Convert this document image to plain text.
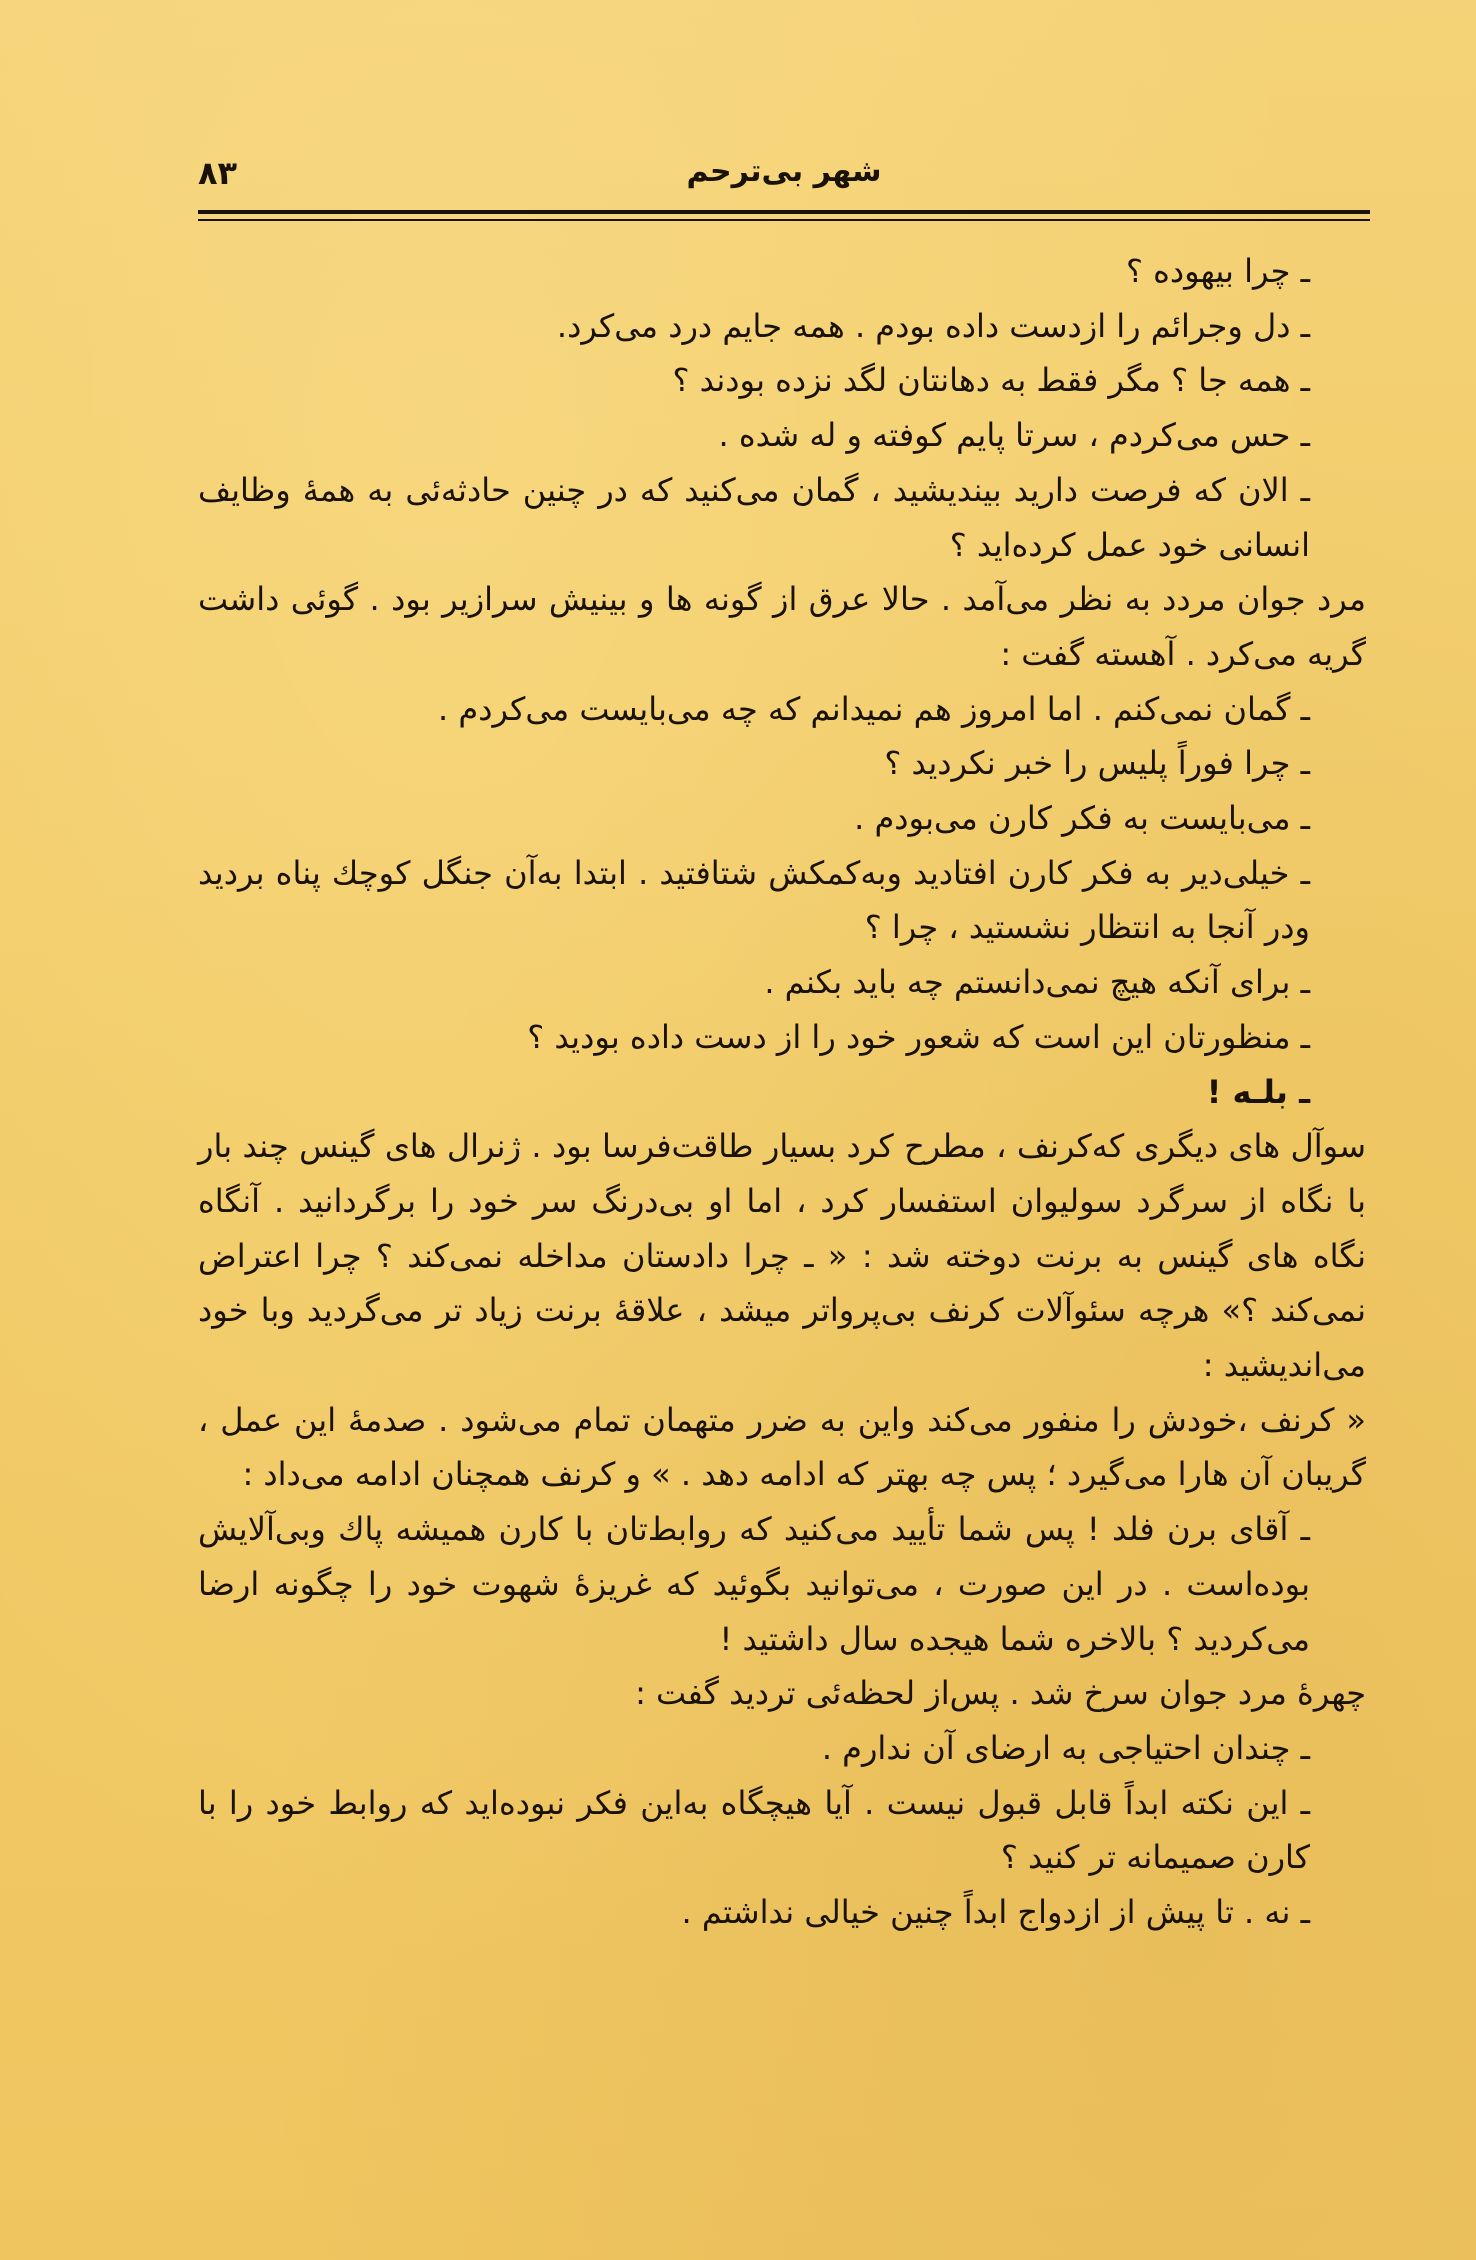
۸۳	شهر بی‌ترحم

ـ چرا بیهوده ؟

ـ دل وجرائم را ازدست داده بودم . همه جایم درد می‌کرد.

ـ همه جا ؟ مگر فقط به دهانتان لگد نزده بودند ؟

ـ حس می‌کردم ، سرتا پایم کوفته و له شده .

ـ الان که فرصت دارید بیندیشید ، گمان می‌کنید که در چنین حادثه‌ئی به همهٔ وظایف انسانی خود عمل کرده‌اید ؟

مرد جوان مردد به نظر می‌آمد . حالا عرق از گونه ها و بینیش سرازیر بود . گوئی داشت گریه می‌کرد . آهسته گفت :

ـ گمان نمی‌کنم . اما امروز هم نمیدانم که چه می‌بایست می‌کردم .

ـ چرا فوراً پلیس را خبر نکردید ؟

ـ می‌بایست به فکر کارن می‌بودم .

ـ خیلی‌دیر به فکر کارن افتادید وبه‌کمکش شتافتید . ابتدا به‌آن جنگل کوچك پناه بردید ودر آنجا به انتظار نشستید ، چرا ؟

ـ برای آنکه هیچ نمی‌دانستم چه باید بکنم .

ـ منظورتان این است که شعور خود را از دست داده بودید ؟

ـ بلـه !

سوآل های دیگری که‌کرنف ، مطرح کرد بسیار طاقت‌فرسا بود . ژنرال های گینس چند بار با نگاه از سرگرد سولیوان استفسار کرد ، اما او بی‌درنگ سر خود را برگردانید . آنگاه نگاه های گینس به برنت دوخته شد : « ـ چرا دادستان مداخله نمی‌کند ؟ چرا اعتراض نمی‌کند ؟» هرچه سئوآلات کرنف بی‌پرواتر میشد ، علاقهٔ برنت زیاد تر می‌گردید وبا خود می‌اندیشید :

« کرنف ،خودش را منفور می‌کند واین به ضرر متهمان تمام می‌شود . صدمهٔ این عمل ، گریبان آن هارا می‌گیرد ؛ پس چه بهتر که ادامه دهد . » و کرنف همچنان ادامه می‌داد :

ـ آقای برن فلد ! پس شما تأیید می‌کنید که روابط‌تان با کارن همیشه پاك وبی‌آلایش بوده‌است . در این صورت ، می‌توانید بگوئید که غریزهٔ شهوت خود را چگونه ارضا می‌کردید ؟ بالاخره شما هیجده سال داشتید !

چهرهٔ مرد جوان سرخ شد . پس‌از لحظه‌ئی تردید گفت :

ـ چندان احتیاجی به ارضای آن ندارم .

ـ این نکته ابداً قابل قبول نیست . آیا هیچگاه به‌این فکر نبوده‌اید که روابط خود را با کارن صمیمانه تر کنید ؟

ـ نه . تا پیش از ازدواج ابداً چنین خیالی نداشتم .
